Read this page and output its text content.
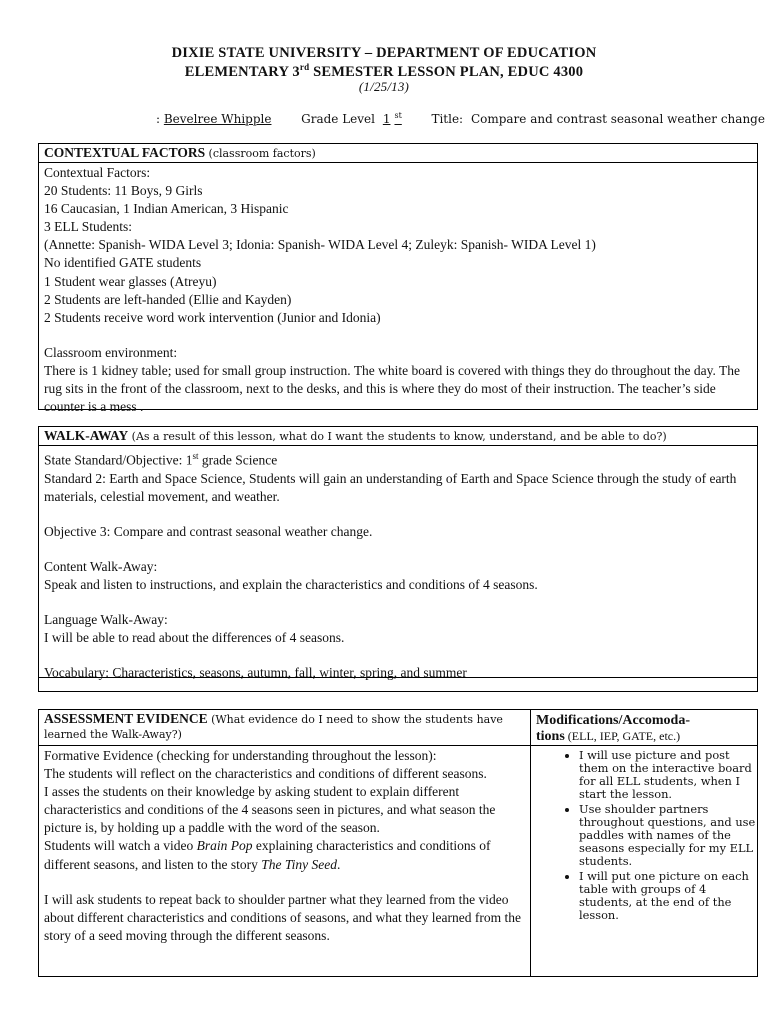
DIXIE STATE UNIVERSITY – DEPARTMENT OF EDUCATION
ELEMENTARY 3rd SEMESTER LESSON PLAN, EDUC 4300
(1/25/13)
: Bevelree Whipple Grade Level 1 $^{st}$ Title: Compare and contrast seasonal weather change
CONTEXTUAL FACTORS (classroom factors)

Contextual Factors:

20 Students: 11 Boys, 9 Girls

16 Caucasian, 1 Indian American, 3 Hispanic

3 ELL Students:

(Annette: Spanish- WIDA Level 3; Idonia: Spanish- WIDA Level 4; Zuleyk: Spanish- WIDA Level 1)

No identified GATE students

1 Student wear glasses (Atreyu)

2 Students are left-handed (Ellie and Kayden)

2 Students receive word work intervention (Junior and Idonia)

Classroom environment:

There is 1 kidney table; used for small group instruction. The white board is covered with things they do throughout the day. The rug sits in the front of the classroom, next to the desks, and this is where they do most of their instruction. The teacher’s side counter is a mess .

WALK-AWAY (As a result of this lesson, what do I want the students to know, understand, and be able to do?)

State Standard/Objective: 1st grade Science

Standard 2: Earth and Space Science, Students will gain an understanding of Earth and Space Science through the study of earth materials, celestial movement, and weather.

Objective 3: Compare and contrast seasonal weather change.

Content Walk-Away:

Speak and listen to instructions, and explain the characteristics and conditions of 4 seasons.

Language Walk-Away:

I will be able to read about the differences of 4 seasons.

Vocabulary: Characteristics, seasons, autumn, fall, winter, spring, and summer

ASSESSMENT EVIDENCE (What evidence do I need to show the students have learned the Walk-Away?)

Formative Evidence (checking for understanding throughout the lesson):

The students will reflect on the characteristics and conditions of different seasons.

I asses the students on their knowledge by asking student to explain different characteristics and conditions of the 4 seasons seen in pictures, and what season the picture is, by holding up a paddle with the word of the season.

Students will watch a video Brain Pop explaining characteristics and conditions of different seasons, and listen to the story The Tiny Seed.

I will ask students to repeat back to shoulder partner what they learned from the video about different characteristics and conditions of seasons, and what they learned from the story of a seed moving through the different seasons.

Modifications/Accomoda-
tions (ELL, IEP, GATE, etc.)
• I will use picture and post them on the interactive board for all ELL students, when I start the lesson.
• Use shoulder partners throughout questions, and use paddles with names of the seasons especially for my ELL students.
• I will put one picture on each table with groups of 4 students, at the end of the lesson.
